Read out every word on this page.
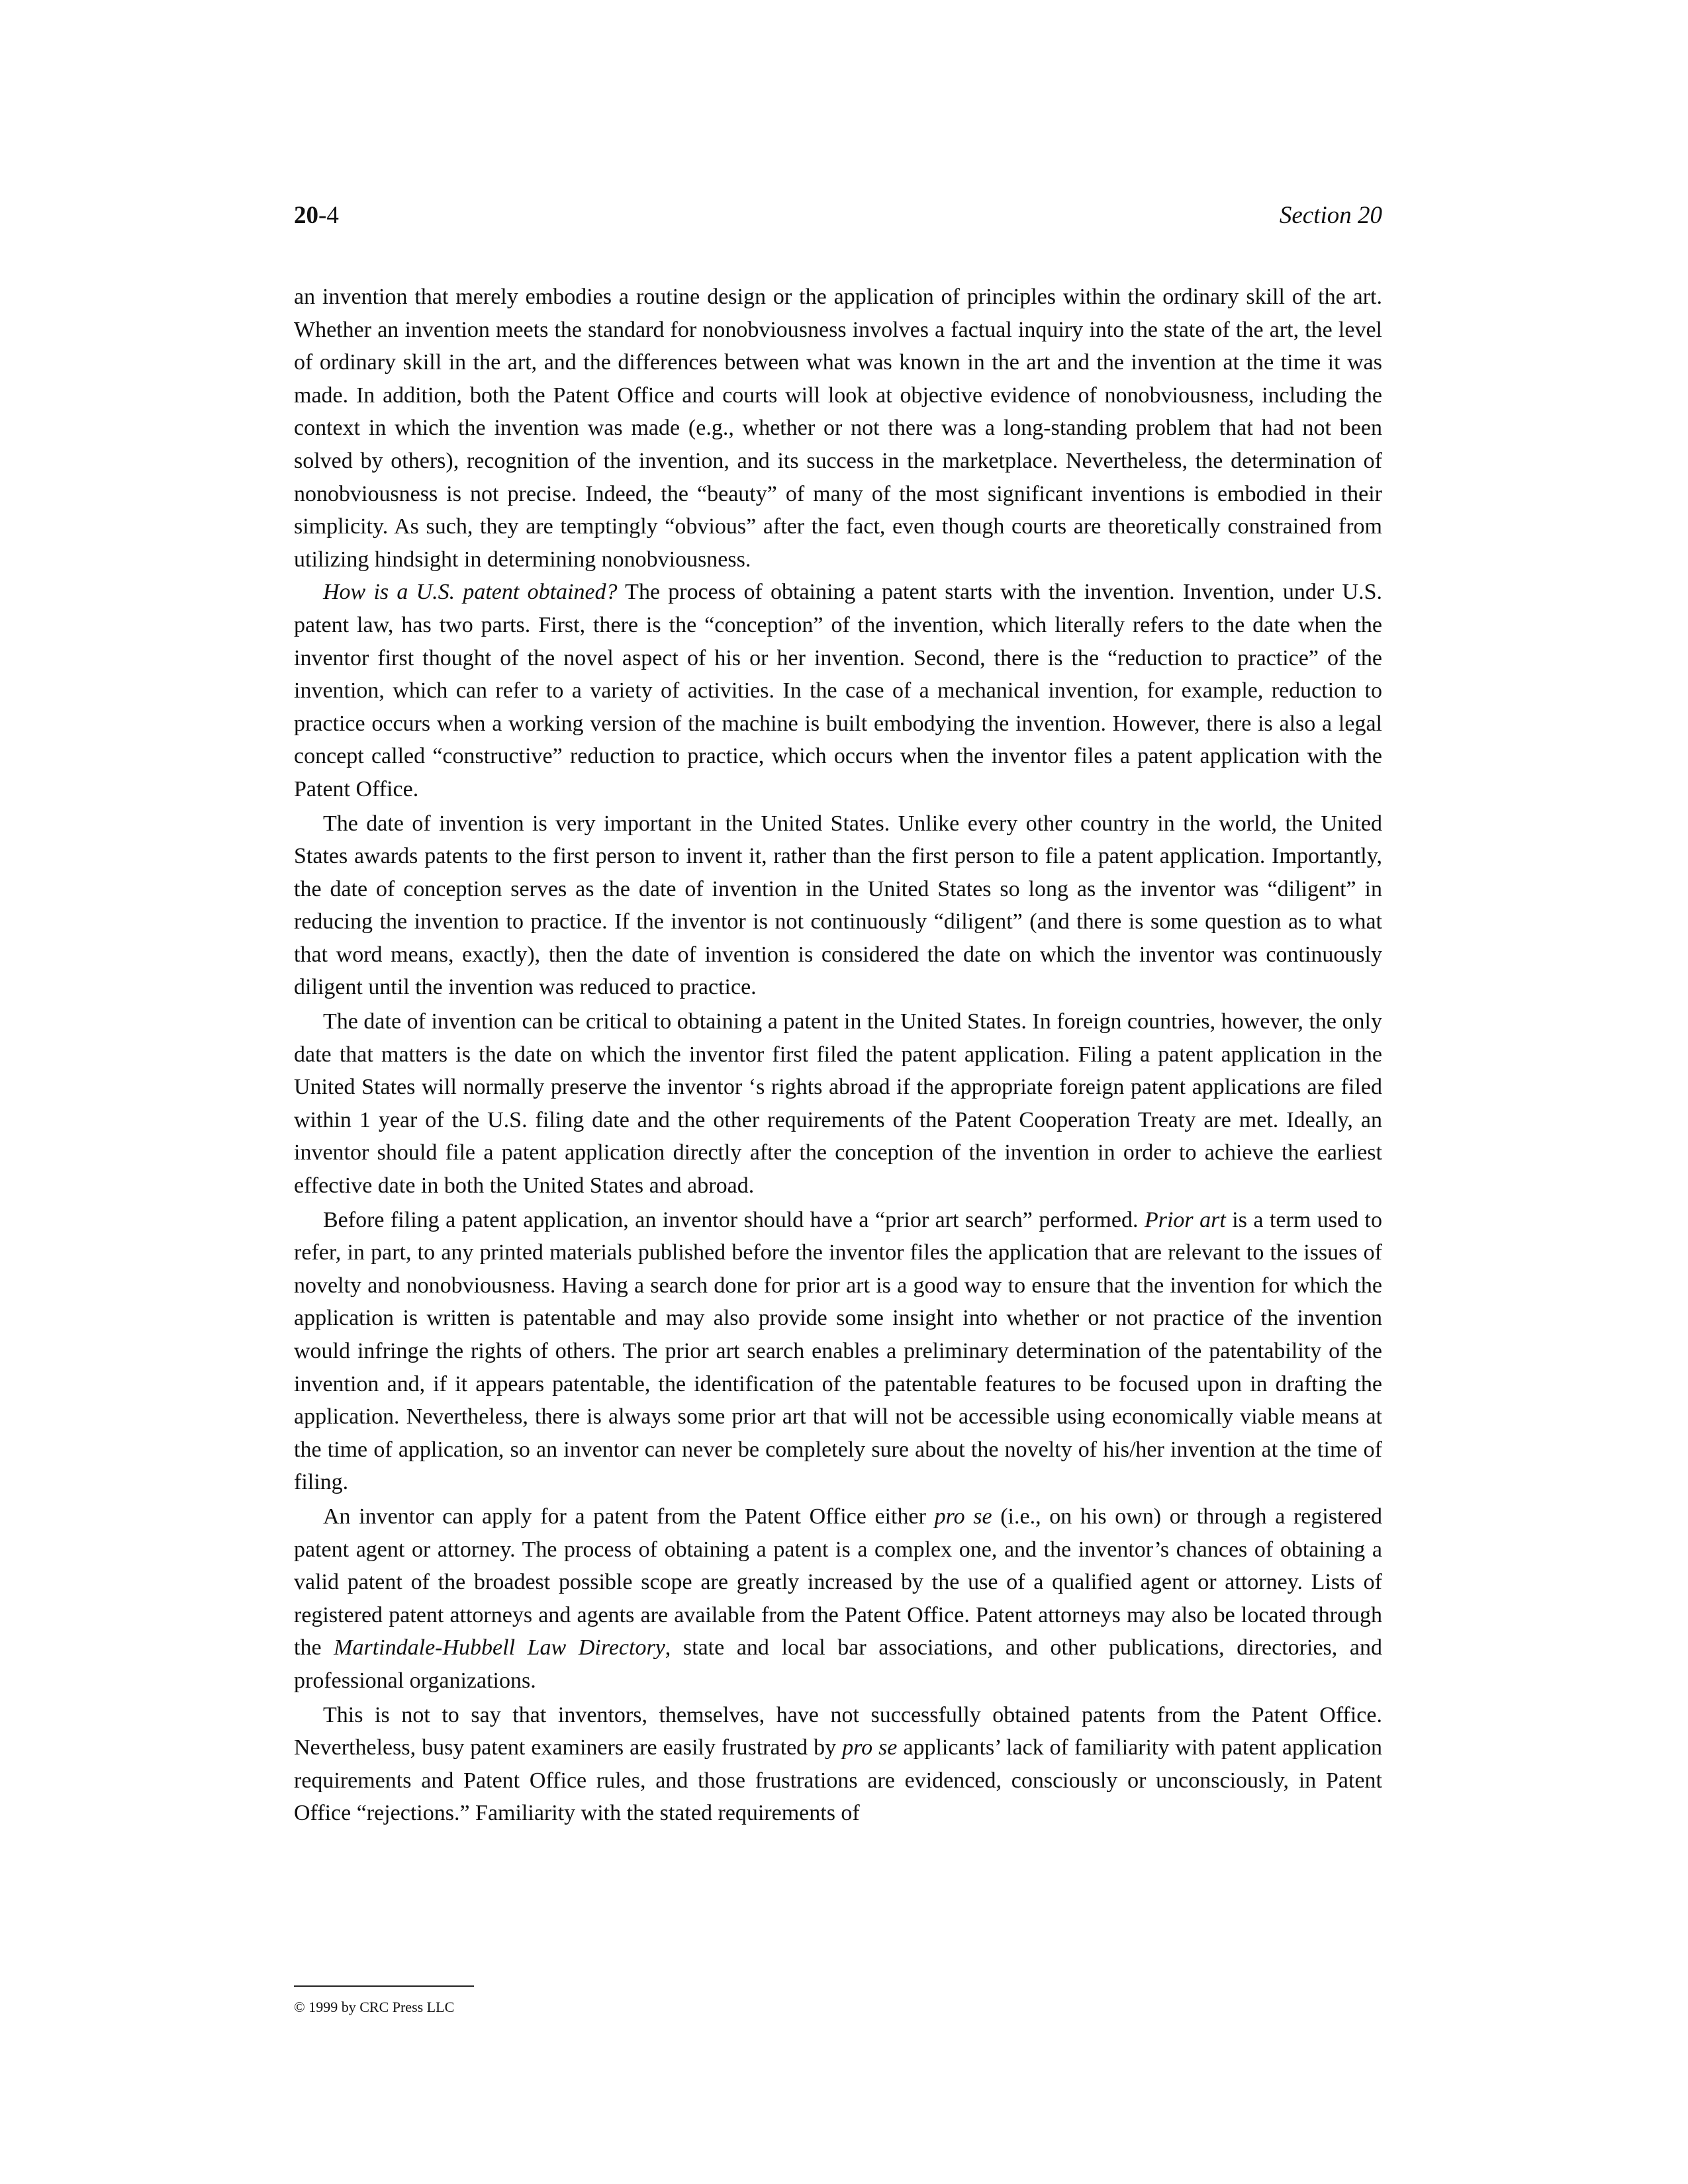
20-4	Section 20

an invention that merely embodies a routine design or the application of principles within the ordinary skill of the art. Whether an invention meets the standard for nonobviousness involves a factual inquiry into the state of the art, the level of ordinary skill in the art, and the differences between what was known in the art and the invention at the time it was made. In addition, both the Patent Office and courts will look at objective evidence of nonobviousness, including the context in which the invention was made (e.g., whether or not there was a long-standing problem that had not been solved by others), recognition of the invention, and its success in the marketplace. Nevertheless, the determination of nonobviousness is not precise. Indeed, the “beauty” of many of the most significant inventions is embodied in their simplicity. As such, they are temptingly “obvious” after the fact, even though courts are theoretically constrained from utilizing hindsight in determining nonobviousness.

How is a U.S. patent obtained? The process of obtaining a patent starts with the invention. Invention, under U.S. patent law, has two parts. First, there is the “conception” of the invention, which literally refers to the date when the inventor first thought of the novel aspect of his or her invention. Second, there is the “reduction to practice” of the invention, which can refer to a variety of activities. In the case of a mechanical invention, for example, reduction to practice occurs when a working version of the machine is built embodying the invention. However, there is also a legal concept called “constructive” reduction to practice, which occurs when the inventor files a patent application with the Patent Office.

The date of invention is very important in the United States. Unlike every other country in the world, the United States awards patents to the first person to invent it, rather than the first person to file a patent application. Importantly, the date of conception serves as the date of invention in the United States so long as the inventor was “diligent” in reducing the invention to practice. If the inventor is not continuously “diligent” (and there is some question as to what that word means, exactly), then the date of invention is considered the date on which the inventor was continuously diligent until the invention was reduced to practice.

The date of invention can be critical to obtaining a patent in the United States. In foreign countries, however, the only date that matters is the date on which the inventor first filed the patent application. Filing a patent application in the United States will normally preserve the inventor ‘s rights abroad if the appropriate foreign patent applications are filed within 1 year of the U.S. filing date and the other requirements of the Patent Cooperation Treaty are met. Ideally, an inventor should file a patent application directly after the conception of the invention in order to achieve the earliest effective date in both the United States and abroad.

Before filing a patent application, an inventor should have a “prior art search” performed. Prior art is a term used to refer, in part, to any printed materials published before the inventor files the application that are relevant to the issues of novelty and nonobviousness. Having a search done for prior art is a good way to ensure that the invention for which the application is written is patentable and may also provide some insight into whether or not practice of the invention would infringe the rights of others. The prior art search enables a preliminary determination of the patentability of the invention and, if it appears patentable, the identification of the patentable features to be focused upon in drafting the application. Nevertheless, there is always some prior art that will not be accessible using economically viable means at the time of application, so an inventor can never be completely sure about the novelty of his/her invention at the time of filing.

An inventor can apply for a patent from the Patent Office either pro se (i.e., on his own) or through a registered patent agent or attorney. The process of obtaining a patent is a complex one, and the inventor’s chances of obtaining a valid patent of the broadest possible scope are greatly increased by the use of a qualified agent or attorney. Lists of registered patent attorneys and agents are available from the Patent Office. Patent attorneys may also be located through the Martindale-Hubbell Law Directory, state and local bar associations, and other publications, directories, and professional organizations.

This is not to say that inventors, themselves, have not successfully obtained patents from the Patent Office. Nevertheless, busy patent examiners are easily frustrated by pro se applicants’ lack of familiarity with patent application requirements and Patent Office rules, and those frustrations are evidenced, consciously or unconsciously, in Patent Office “rejections.” Familiarity with the stated requirements of

© 1999 by CRC Press LLC
